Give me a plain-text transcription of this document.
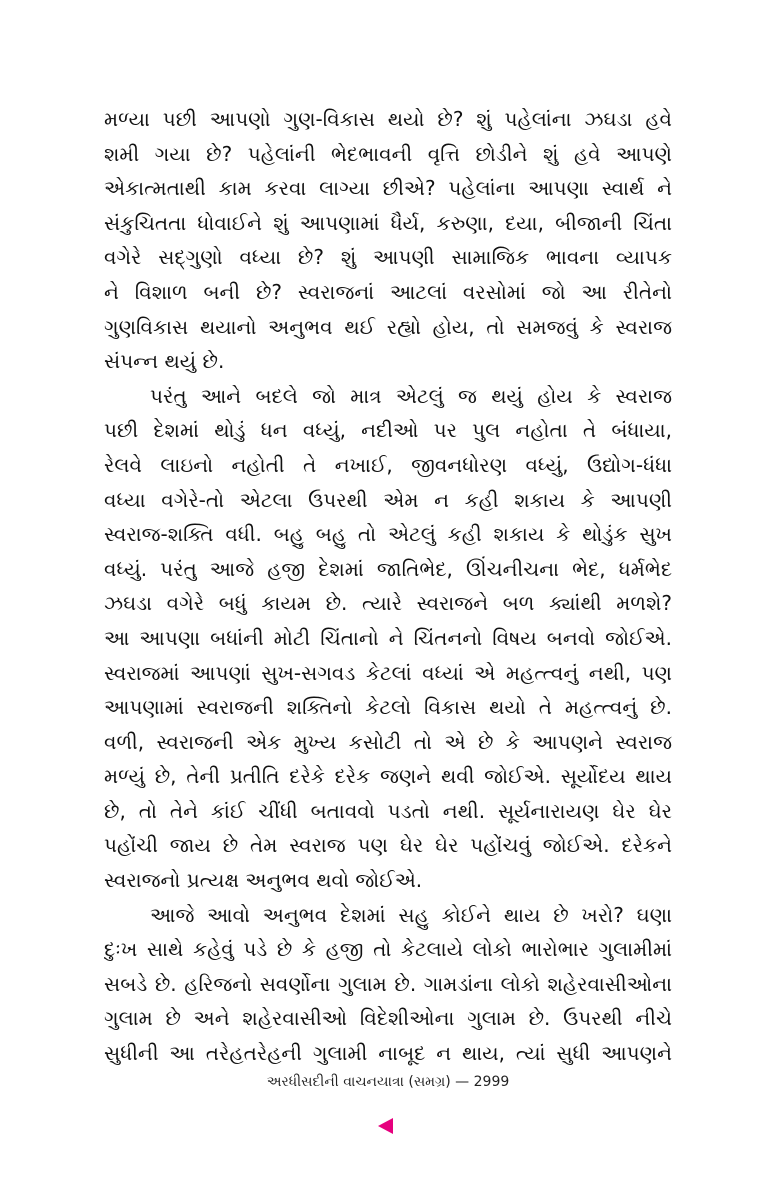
મળ્યા પછી આપણો ગુણ-વિકાસ થયો છે? શું પહેલાંના ઝઘડા હવે
શમી ગયા છે? પહેલાંની ભેદભાવની વૃત્તિ છોડીને શું હવે આપણે
એકાત્મતાથી કામ કરવા લાગ્યા છીએ? પહેલાંના આપણા સ્વાર્થ ને
સંકુચિતતા ધોવાઈને શું આપણામાં ધૈર્ય, કરુણા, દયા, બીજાની ચિંતા
વગેરે સદ્ગુણો વધ્યા છે? શું આપણી સામાજિક ભાવના વ્યાપક
ને વિશાળ બની છે? સ્વરાજનાં આટલાં વરસોમાં જો આ રીતેનો
ગુણવિકાસ થયાનો અનુભવ થઈ રહ્યો હોય, તો સમજવું કે સ્વરાજ
સંપન્ન થયું છે.
પરંતુ આને બદલે જો માત્ર એટલું જ થયું હોય કે સ્વરાજ
પછી દેશમાં થોડું ધન વધ્યું, નદીઓ પર પુલ નહોતા તે બંધાયા,
રેલવે લાઇનો નહોતી તે નખાઈ, જીવનધોરણ વધ્યું, ઉદ્યોગ-ધંધા
વધ્યા વગેરે-તો એટલા ઉપરથી એમ ન કહી શકાય કે આપણી
સ્વરાજ-શક્તિ વધી. બહુ બહુ તો એટલું કહી શકાય કે થોડુંક સુખ
વધ્યું. પરંતુ આજે હજી દેશમાં જાતિભેદ, ઊંચનીચના ભેદ, ધર્મભેદ
ઝઘડા વગેરે બધું કાયમ છે. ત્યારે સ્વરાજને બળ ક્યાંથી મળશે?
આ આપણા બધાંની મોટી ચિંતાનો ને ચિંતનનો વિષય બનવો જોઈએ.
સ્વરાજમાં આપણાં સુખ-સગવડ કેટલાં વધ્યાં એ મહત્ત્વનું નથી, પણ
આપણામાં સ્વરાજની શક્તિનો કેટલો વિકાસ થયો તે મહત્ત્વનું છે.
વળી, સ્વરાજની એક મુખ્ય કસોટી તો એ છે કે આપણને સ્વરાજ
મળ્યું છે, તેની પ્રતીતિ દરેકે દરેક જણને થવી જોઈએ. સૂર્યોદય થાય
છે, તો તેને કાંઈ ચીંધી બતાવવો પડતો નથી. સૂર્યનારાયણ ઘેર ઘેર
પહોંચી જાય છે તેમ સ્વરાજ પણ ઘેર ઘેર પહોંચવું જોઈએ. દરેકને
સ્વરાજનો પ્રત્યક્ષ અનુભવ થવો જોઈએ.
આજે આવો અનુભવ દેશમાં સહુ કોઈને થાય છે ખરો? ઘણા
દુઃખ સાથે કહેવું પડે છે કે હજી તો કેટલાયે લોકો ભારોભાર ગુલામીમાં
સબડે છે. હરિજનો સવર્ણોના ગુલામ છે. ગામડાંના લોકો શહેરવાસીઓના
ગુલામ છે અને શહેરવાસીઓ વિદેશીઓના ગુલામ છે. ઉપરથી નીચે
સુધીની આ તરેહતરેહની ગુલામી નાબૂદ ન થાય, ત્યાં સુધી આપણને
અરધીસદીની વાચનયાત્રા (સમગ્ર) — 2999
